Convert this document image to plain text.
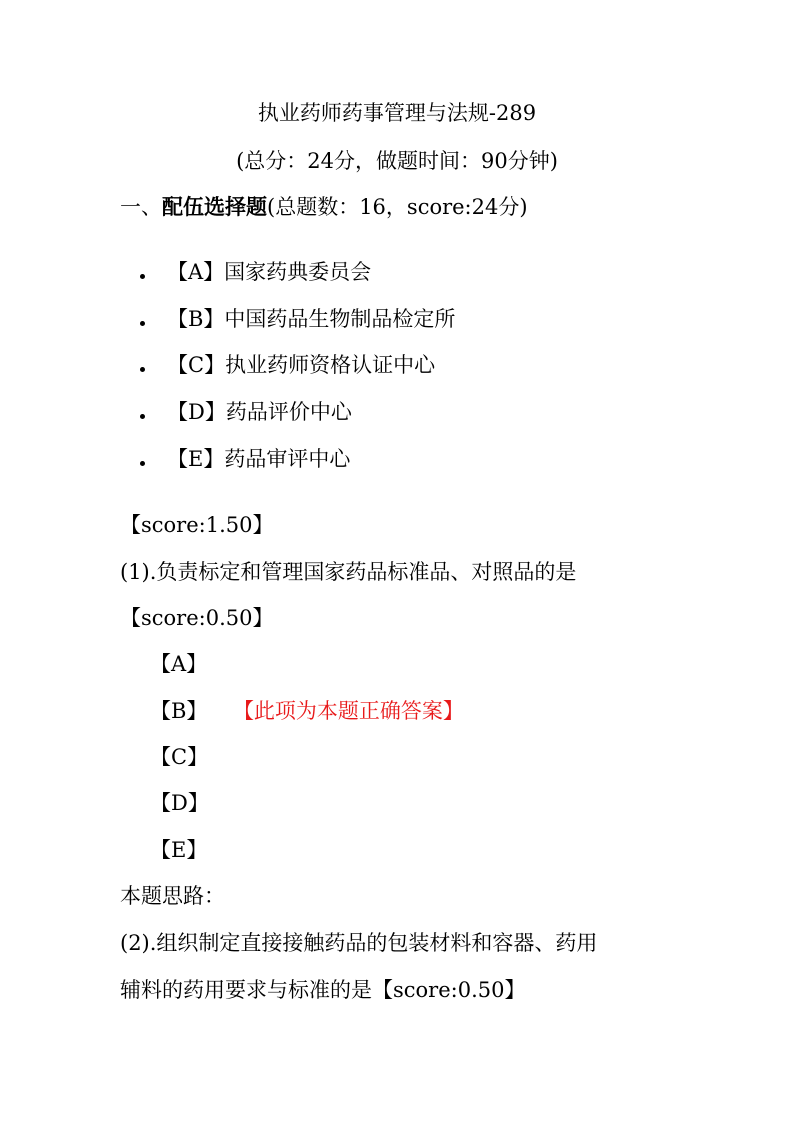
执业药师药事管理与法规-289
(总分：24分，做题时间：90分钟)
一、配伍选择题(总题数：16，score:24分)
【A】国家药典委员会
【B】中国药品生物制品检定所
【C】执业药师资格认证中心
【D】药品评价中心
【E】药品审评中心
【score:1.50】
(1).负责标定和管理国家药品标准品、对照品的是
【score:0.50】
【A】
【B】 【此项为本题正确答案】
【C】
【D】
【E】
本题思路：
(2).组织制定直接接触药品的包装材料和容器、药用
辅料的药用要求与标准的是【score:0.50】
